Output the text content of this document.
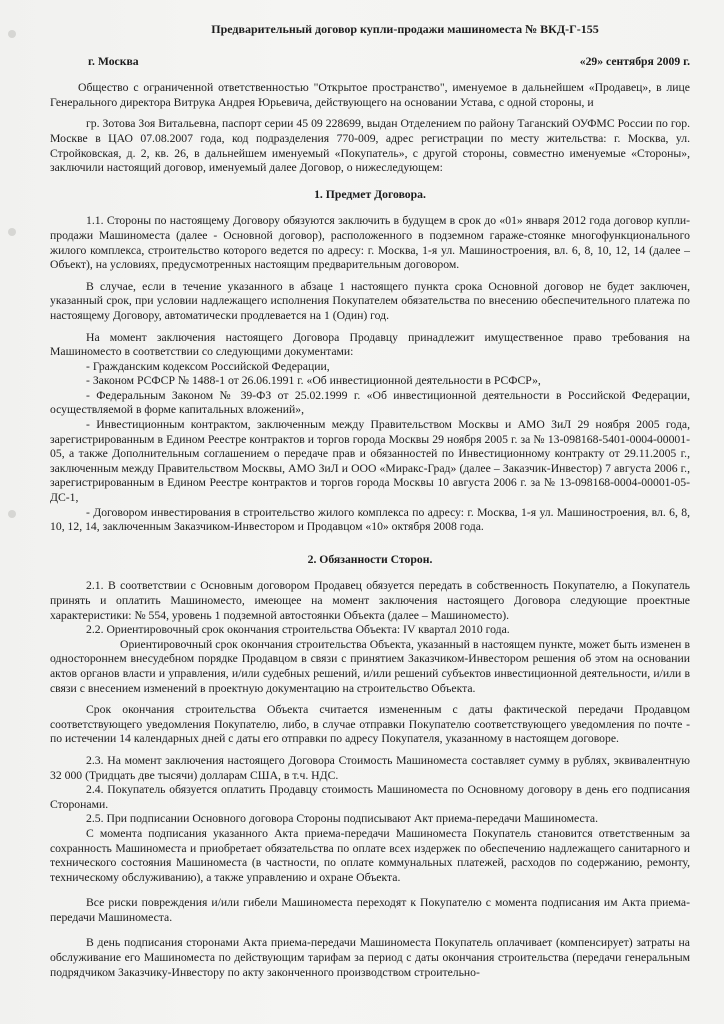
Предварительный договор купли-продажи машиноместа № ВКД-Г-155
г. Москва	«29» сентября 2009 г.

Общество с ограниченной ответственностью "Открытое пространство", именуемое в дальнейшем «Продавец», в лице Генерального директора Витрука Андрея Юрьевича, действующего на основании Устава, с одной стороны, и

гр. Зотова Зоя Витальевна, паспорт серии 45 09 228699, выдан Отделением по району Таганский ОУФМС России по гор. Москве в ЦАО 07.08.2007 года, код подразделения 770-009, адрес регистрации по месту жительства: г. Москва, ул. Стройковская, д. 2, кв. 26, в дальнейшем именуемый «Покупатель», с другой стороны, совместно именуемые «Стороны», заключили настоящий договор, именуемый далее Договор, о нижеследующем:

1. Предмет Договора.

1.1. Стороны по настоящему Договору обязуются заключить в будущем в срок до «01» января 2012 года договор купли-продажи Машиноместа (далее - Основной договор), расположенного в подземном гараже-стоянке многофункционального жилого комплекса, строительство которого ведется по адресу: г. Москва, 1-я ул. Машиностроения, вл. 6, 8, 10, 12, 14 (далее – Объект), на условиях, предусмотренных настоящим предварительным договором.

В случае, если в течение указанного в абзаце 1 настоящего пункта срока Основной договор не будет заключен, указанный срок, при условии надлежащего исполнения Покупателем обязательства по внесению обеспечительного платежа по настоящему Договору, автоматически продлевается на 1 (Один) год.

На момент заключения настоящего Договора Продавцу принадлежит имущественное право требования на Машиноместо в соответствии со следующими документами:

- Гражданским кодексом Российской Федерации,

- Законом РСФСР № 1488-1 от 26.06.1991 г. «Об инвестиционной деятельности в РСФСР»,

- Федеральным Законом № 39-ФЗ от 25.02.1999 г. «Об инвестиционной деятельности в Российской Федерации, осуществляемой в форме капитальных вложений»,

- Инвестиционным контрактом, заключенным между Правительством Москвы и АМО ЗиЛ 29 ноября 2005 года, зарегистрированным в Едином Реестре контрактов и торгов города Москвы 29 ноября 2005 г. за № 13-098168-5401-0004-00001-05, а также Дополнительным соглашением о передаче прав и обязанностей по Инвестиционному контракту от 29.11.2005 г., заключенным между Правительством Москвы, АМО ЗиЛ и ООО «Миракс-Град» (далее – Заказчик-Инвестор) 7 августа 2006 г., зарегистрированным в Едином Реестре контрактов и торгов города Москвы 10 августа 2006 г. за № 13-098168-0004-00001-05-ДС-1,

- Договором инвестирования в строительство жилого комплекса по адресу: г. Москва, 1-я ул. Машиностроения, вл. 6, 8, 10, 12, 14, заключенным Заказчиком-Инвестором и Продавцом «10» октября 2008 года.

2. Обязанности Сторон.

2.1. В соответствии с Основным договором Продавец обязуется передать в собственность Покупателю, а Покупатель принять и оплатить Машиноместо, имеющее на момент заключения настоящего Договора следующие проектные характеристики: № 554, уровень 1 подземной автостоянки Объекта (далее – Машиноместо).

2.2. Ориентировочный срок окончания строительства Объекта: IV квартал 2010 года.

Ориентировочный срок окончания строительства Объекта, указанный в настоящем пункте, может быть изменен в одностороннем внесудебном порядке Продавцом в связи с принятием Заказчиком-Инвестором решения об этом на основании актов органов власти и управления, и/или судебных решений, и/или решений субъектов инвестиционной деятельности, и/или в связи с внесением изменений в проектную документацию на строительство Объекта.

Срок окончания строительства Объекта считается измененным с даты фактической передачи Продавцом соответствующего уведомления Покупателю, либо, в случае отправки Покупателю соответствующего уведомления по почте - по истечении 14 календарных дней с даты его отправки по адресу Покупателя, указанному в настоящем договоре.

2.3. На момент заключения настоящего Договора Стоимость Машиноместа составляет сумму в рублях, эквивалентную 32 000 (Тридцать две тысячи) долларам США, в т.ч. НДС.

2.4. Покупатель обязуется оплатить Продавцу стоимость Машиноместа по Основному договору в день его подписания Сторонами.

2.5. При подписании Основного договора Стороны подписывают Акт приема-передачи Машиноместа.

С момента подписания указанного Акта приема-передачи Машиноместа Покупатель становится ответственным за сохранность Машиноместа и приобретает обязательства по оплате всех издержек по обеспечению надлежащего санитарного и технического состояния Машиноместа (в частности, по оплате коммунальных платежей, расходов по содержанию, ремонту, техническому обслуживанию), а также управлению и охране Объекта.

Все риски повреждения и/или гибели Машиноместа переходят к Покупателю с момента подписания им Акта приема-передачи Машиноместа.

В день подписания сторонами Акта приема-передачи Машиноместа Покупатель оплачивает (компенсирует) затраты на обслуживание его Машиноместа по действующим тарифам за период с даты окончания строительства (передачи генеральным подрядчиком Заказчику-Инвестору по акту законченного производством строительно-
